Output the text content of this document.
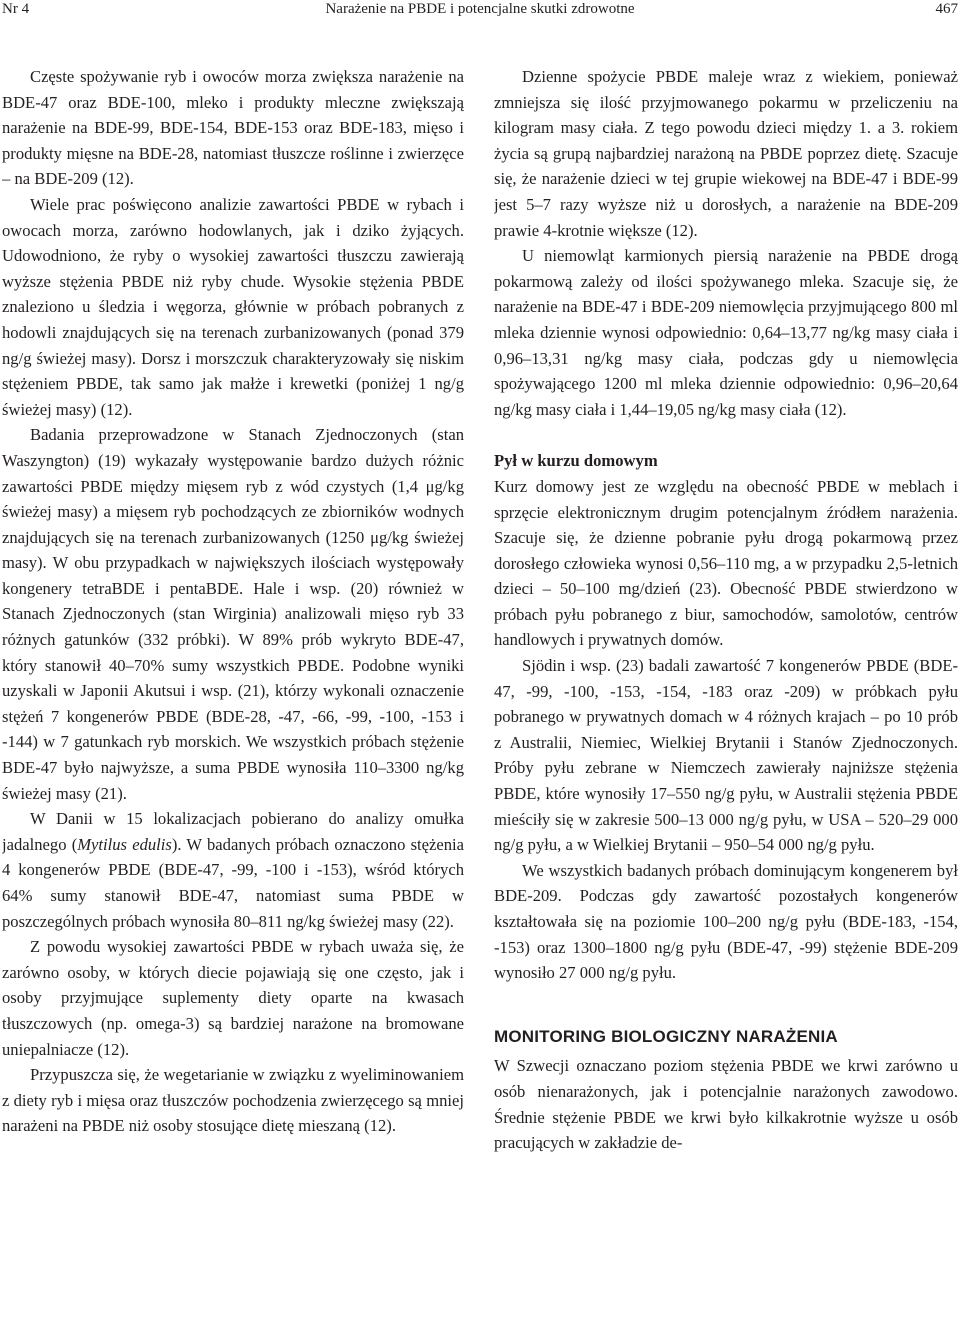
Nr 4	Narażenie na PBDE i potencjalne skutki zdrowotne	467

Częste spożywanie ryb i owoców morza zwiększa narażenie na BDE-47 oraz BDE-100, mleko i produkty mleczne zwiększają narażenie na BDE-99, BDE-154, BDE-153 oraz BDE-183, mięso i produkty mięsne na BDE-28, natomiast tłuszcze roślinne i zwierzęce – na BDE-209 (12).

Wiele prac poświęcono analizie zawartości PBDE w rybach i owocach morza, zarówno hodowlanych, jak i dziko żyjących. Udowodniono, że ryby o wysokiej zawartości tłuszczu zawierają wyższe stężenia PBDE niż ryby chude. Wysokie stężenia PBDE znaleziono u śledzia i węgorza, głównie w próbach pobranych z hodowli znajdujących się na terenach zurbanizowanych (ponad 379 ng/g świeżej masy). Dorsz i morszczuk charakteryzowały się niskim stężeniem PBDE, tak samo jak małże i krewetki (poniżej 1 ng/g świeżej masy) (12).

Badania przeprowadzone w Stanach Zjednoczonych (stan Waszyngton) (19) wykazały występowanie bardzo dużych różnic zawartości PBDE między mięsem ryb z wód czystych (1,4 μg/kg świeżej masy) a mięsem ryb pochodzących ze zbiorników wodnych znajdujących się na terenach zurbanizowanych (1250 μg/kg świeżej masy). W obu przypadkach w największych ilościach występowały kongenery tetraBDE i pentaBDE. Hale i wsp. (20) również w Stanach Zjednoczonych (stan Wirginia) analizowali mięso ryb 33 różnych gatunków (332 próbki). W 89% prób wykryto BDE-47, który stanowił 40–70% sumy wszystkich PBDE. Podobne wyniki uzyskali w Japonii Akutsui i wsp. (21), którzy wykonali oznaczenie stężeń 7 kongenerów PBDE (BDE-28, -47, -66, -99, -100, -153 i -144) w 7 gatunkach ryb morskich. We wszystkich próbach stężenie BDE-47 było najwyższe, a suma PBDE wynosiła 110–3300 ng/kg świeżej masy (21).

W Danii w 15 lokalizacjach pobierano do analizy omułka jadalnego (Mytilus edulis). W badanych próbach oznaczono stężenia 4 kongenerów PBDE (BDE-47, -99, -100 i -153), wśród których 64% sumy stanowił BDE-47, natomiast suma PBDE w poszczególnych próbach wynosiła 80–811 ng/kg świeżej masy (22).

Z powodu wysokiej zawartości PBDE w rybach uważa się, że zarówno osoby, w których diecie pojawiają się one często, jak i osoby przyjmujące suplementy diety oparte na kwasach tłuszczowych (np. omega-3) są bardziej narażone na bromowane uniepalniacze (12).

Przypuszcza się, że wegetarianie w związku z wyeliminowaniem z diety ryb i mięsa oraz tłuszczów pochodzenia zwierzęcego są mniej narażeni na PBDE niż osoby stosujące dietę mieszaną (12).

Dzienne spożycie PBDE maleje wraz z wiekiem, ponieważ zmniejsza się ilość przyjmowanego pokarmu w przeliczeniu na kilogram masy ciała. Z tego powodu dzieci między 1. a 3. rokiem życia są grupą najbardziej narażoną na PBDE poprzez dietę. Szacuje się, że narażenie dzieci w tej grupie wiekowej na BDE-47 i BDE-99 jest 5–7 razy wyższe niż u dorosłych, a narażenie na BDE-209 prawie 4-krotnie większe (12).

U niemowląt karmionych piersią narażenie na PBDE drogą pokarmową zależy od ilości spożywanego mleka. Szacuje się, że narażenie na BDE-47 i BDE-209 niemowlęcia przyjmującego 800 ml mleka dziennie wynosi odpowiednio: 0,64–13,77 ng/kg masy ciała i 0,96–13,31 ng/kg masy ciała, podczas gdy u niemowlęcia spożywającego 1200 ml mleka dziennie odpowiednio: 0,96–20,64 ng/kg masy ciała i 1,44–19,05 ng/kg masy ciała (12).

Pył w kurzu domowym

Kurz domowy jest ze względu na obecność PBDE w meblach i sprzęcie elektronicznym drugim potencjalnym źródłem narażenia. Szacuje się, że dzienne pobranie pyłu drogą pokarmową przez dorosłego człowieka wynosi 0,56–110 mg, a w przypadku 2,5-letnich dzieci – 50–100 mg/dzień (23). Obecność PBDE stwierdzono w próbach pyłu pobranego z biur, samochodów, samolotów, centrów handlowych i prywatnych domów.

Sjödin i wsp. (23) badali zawartość 7 kongenerów PBDE (BDE-47, -99, -100, -153, -154, -183 oraz -209) w próbkach pyłu pobranego w prywatnych domach w 4 różnych krajach – po 10 prób z Australii, Niemiec, Wielkiej Brytanii i Stanów Zjednoczonych. Próby pyłu zebrane w Niemczech zawierały najniższe stężenia PBDE, które wynosiły 17–550 ng/g pyłu, w Australii stężenia PBDE mieściły się w zakresie 500–13 000 ng/g pyłu, w USA – 520–29 000 ng/g pyłu, a w Wielkiej Brytanii – 950–54 000 ng/g pyłu.

We wszystkich badanych próbach dominującym kongenerem był BDE-209. Podczas gdy zawartość pozostałych kongenerów kształtowała się na poziomie 100–200 ng/g pyłu (BDE-183, -154, -153) oraz 1300–1800 ng/g pyłu (BDE-47, -99) stężenie BDE-209 wynosiło 27 000 ng/g pyłu.

MONITORING BIOLOGICZNY NARAŻENIA

W Szwecji oznaczano poziom stężenia PBDE we krwi zarówno u osób nienarażonych, jak i potencjalnie narażonych zawodowo. Średnie stężenie PBDE we krwi było kilkakrotnie wyższe u osób pracujących w zakładzie de-
